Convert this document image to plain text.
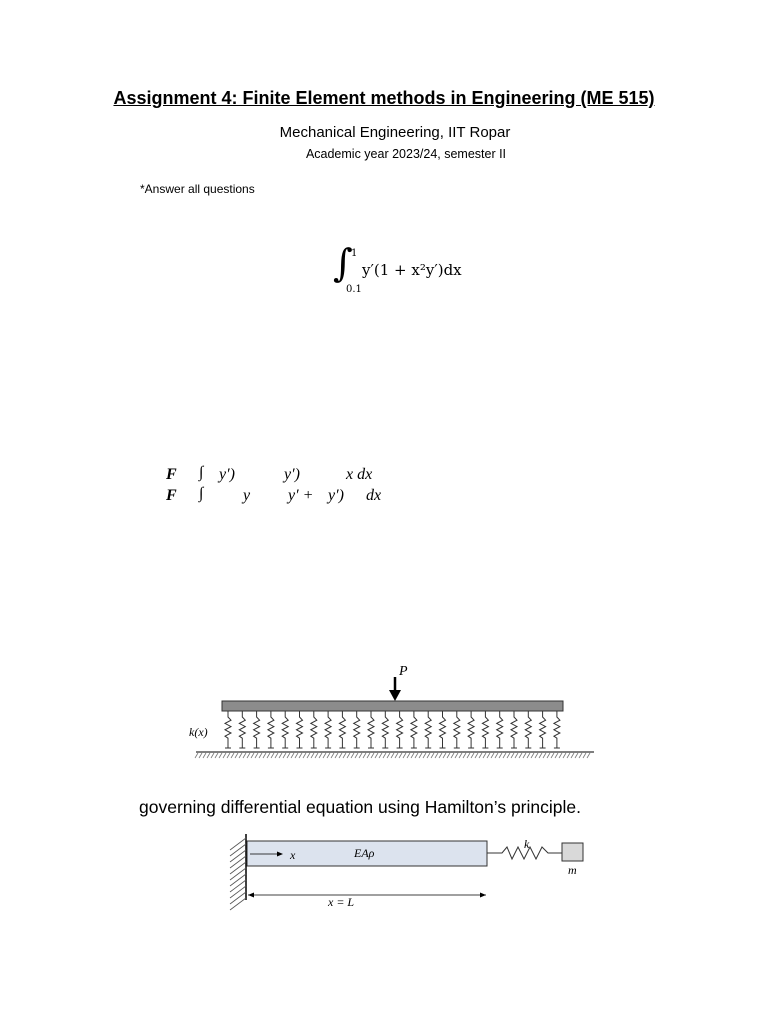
Assignment 4: Finite Element methods in Engineering (ME 515)
Mechanical Engineering, IIT Ropar
Academic year 2023/24, semester II
*Answer all questions
∫
1
0.1
y′(1 + x²y′)dx
F ∫ y′)	y′)	x dx
F ∫ y y′ + y′) dx
P
k(x)
governing differential equation using Hamilton’s principle.
x	EAρ
k
m
x = L
